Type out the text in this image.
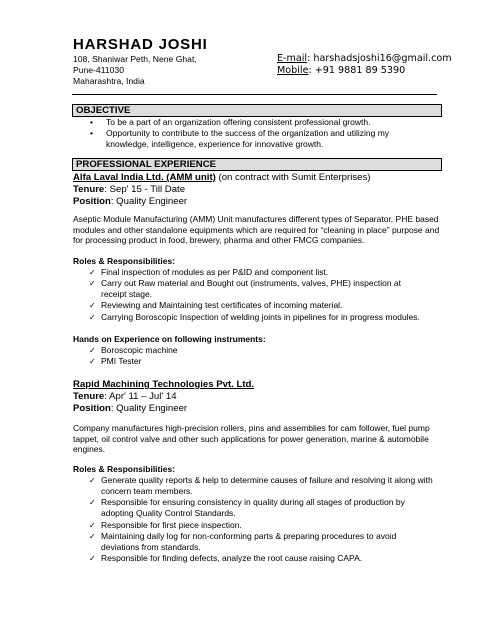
HARSHAD JOSHI
108, Shaniwar Peth, Nene Ghat,
Pune-411030
Maharashtra, India
E-mail: harshadsjoshi16@gmail.com
Mobile: +91 9881 89 5390
OBJECTIVE
• To be a part of an organization offering consistent professional growth.
• Opportunity to contribute to the success of the organization and utilizing my knowledge, intelligence, experience for innovative growth.
PROFESSIONAL EXPERIENCE
Alfa Laval India Ltd. (AMM unit) (on contract with Sumit Enterprises)
Tenure: Sep' 15 - Till Date
Position: Quality Engineer
Aseptic Module Manufacturing (AMM) Unit manufactures different types of Separator, PHE based modules and other standalone equipments which are required for “cleaning in place” purpose and for processing product in food, brewery, pharma and other FMCG companies.
Roles & Responsibilities:
✓ Final inspection of modules as per P&ID and component list.
✓ Carry out Raw material and Bought out (instruments, valves, PHE) inspection at receipt stage.
✓ Reviewing and Maintaining test certificates of incoming material.
✓ Carrying Boroscopic Inspection of welding joints in pipelines for in progress modules.
Hands on Experience on following instruments:
✓ Boroscopic machine
✓ PMI Tester
Rapid Machining Technologies Pvt. Ltd.
Tenure: Apr' 11 – Jul' 14
Position: Quality Engineer
Company manufactures high-precision rollers, pins and assemblies for cam follower, fuel pump tappet, oil control valve and other such applications for power generation, marine & automobile engines.
Roles & Responsibilities:
✓ Generate quality reports & help to determine causes of failure and resolving it along with concern team members.
✓ Responsible for ensuring consistency in quality during all stages of production by adopting Quality Control Standards.
✓ Responsible for first piece inspection.
✓ Maintaining daily log for non-conforming parts & preparing procedures to avoid deviations from standards.
✓ Responsible for finding defects, analyze the root cause raising CAPA.
